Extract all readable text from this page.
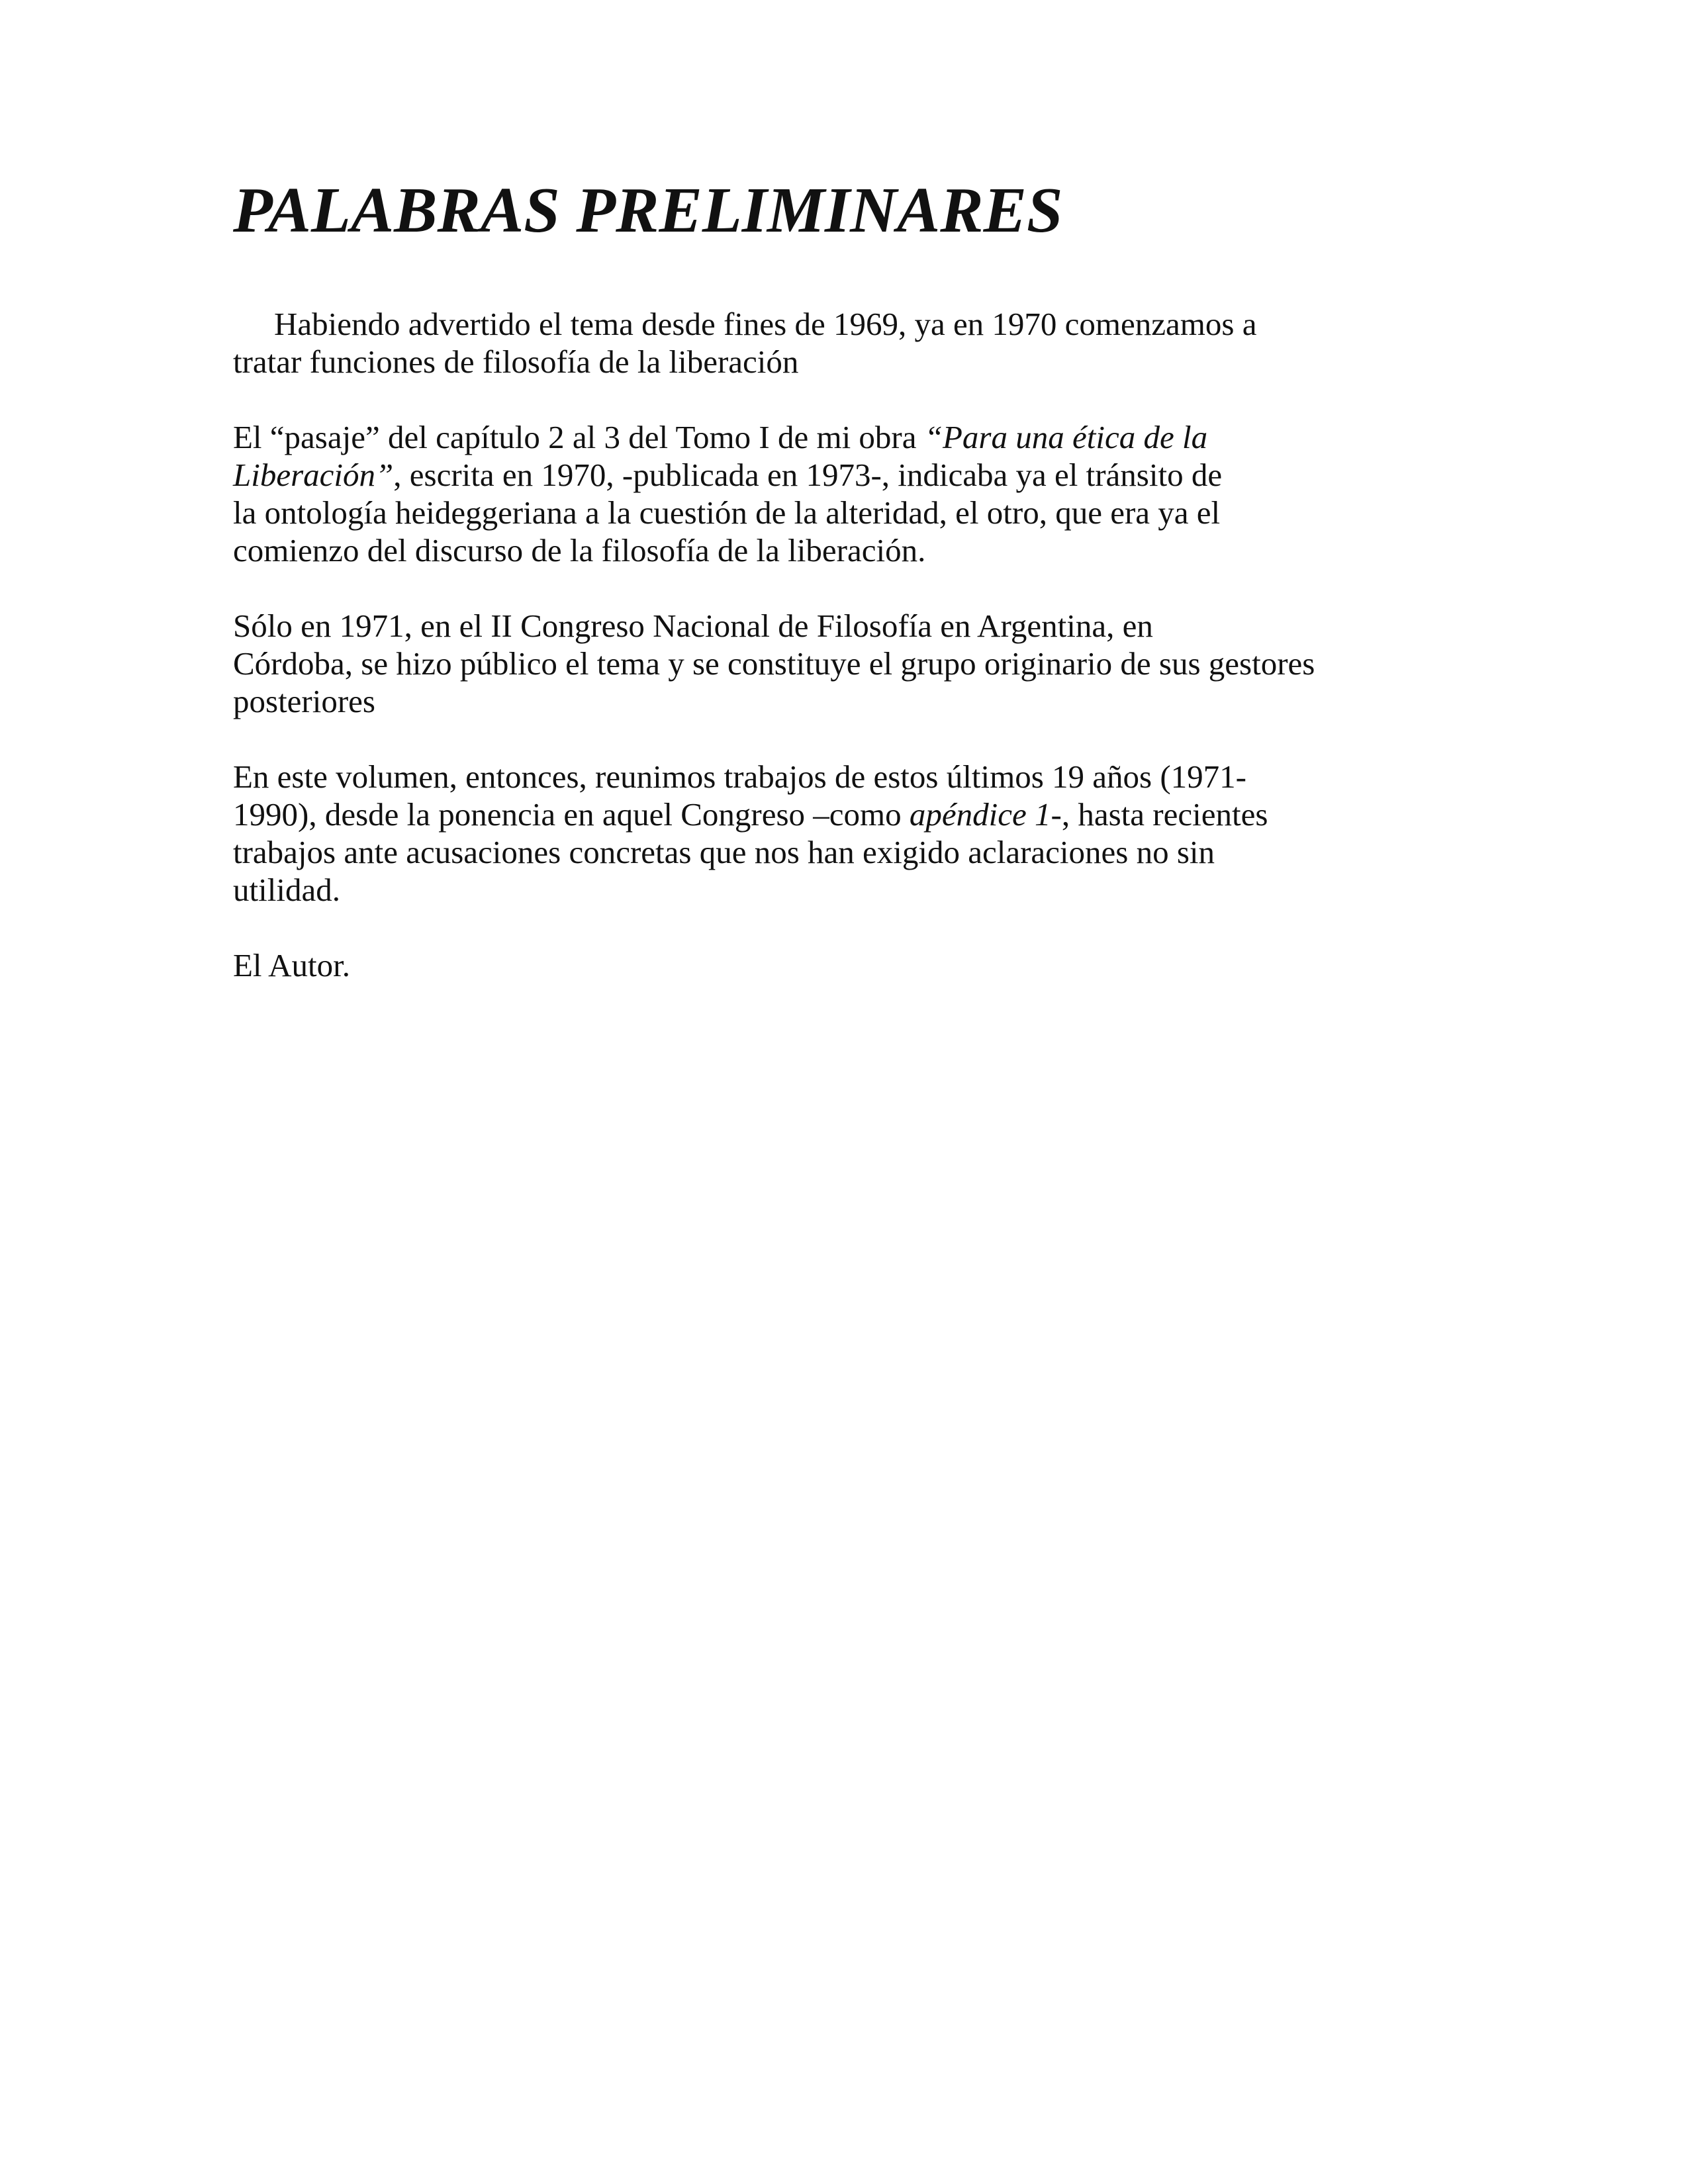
PALABRAS PRELIMINARES

Habiendo advertido el tema desde fines de 1969, ya en 1970 comenzamos a
tratar funciones de filosofía de la liberación

El “pasaje” del capítulo 2 al 3 del Tomo I de mi obra “Para una ética de la
Liberación”, escrita en 1970, -publicada en 1973-, indicaba ya el tránsito de
la ontología heideggeriana a la cuestión de la alteridad, el otro, que era ya el
comienzo del discurso de la filosofía de la liberación.

Sólo en 1971, en el II Congreso Nacional de Filosofía en Argentina, en
Córdoba, se hizo público el tema y se constituye el grupo originario de sus gestores
posteriores

En este volumen, entonces, reunimos trabajos de estos últimos 19 años (1971-
1990), desde la ponencia en aquel Congreso –como apéndice 1-, hasta recientes
trabajos ante acusaciones concretas que nos han exigido aclaraciones no sin
utilidad.

El Autor.
